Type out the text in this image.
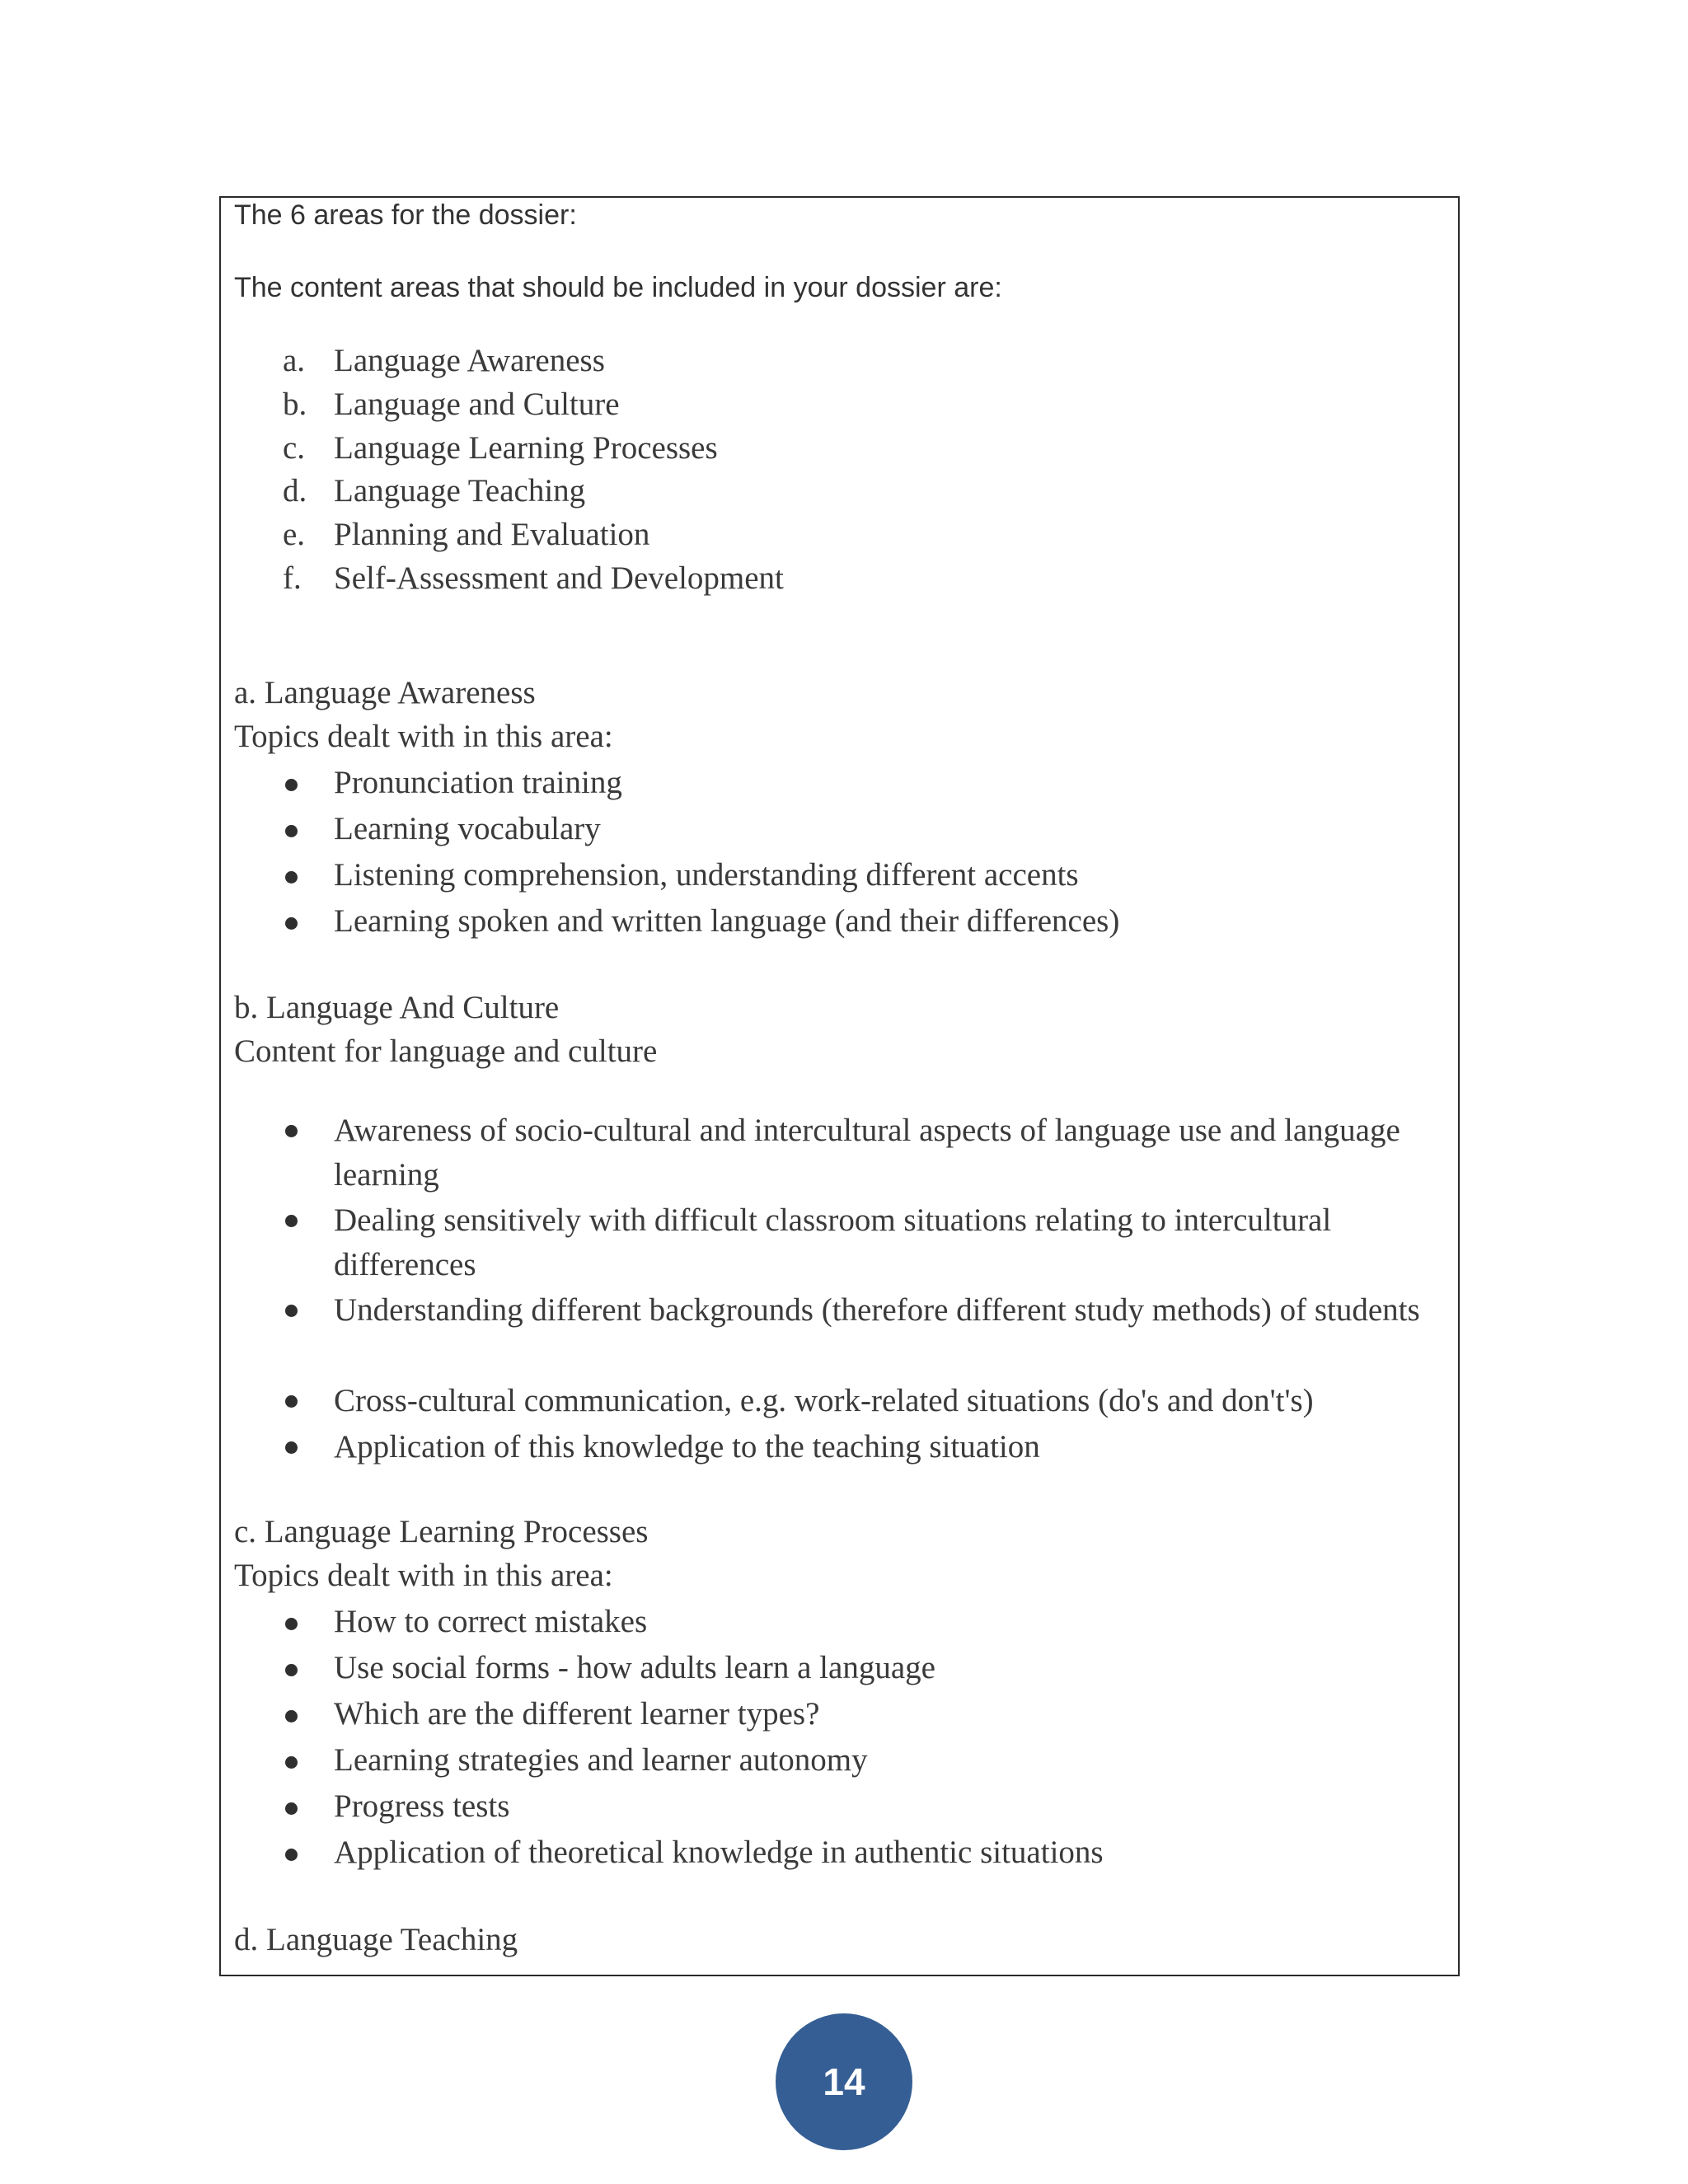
The 6 areas for the dossier:
The content areas that should be included in your dossier are:
a. Language Awareness
b. Language and Culture
c. Language Learning Processes
d. Language Teaching
e. Planning and Evaluation
f. Self-Assessment and Development
a. Language Awareness
Topics dealt with in this area:
Pronunciation training
Learning vocabulary
Listening comprehension, understanding different accents
Learning spoken and written language (and their differences)
b. Language And Culture
Content for language and culture
Awareness of socio-cultural and intercultural aspects of language use and language learning
Dealing sensitively with difficult classroom situations relating to intercultural differences
Understanding different backgrounds (therefore different study methods) of students
Cross-cultural communication, e.g. work-related situations (do's and don't's)
Application of this knowledge to the teaching situation
c. Language Learning Processes
Topics dealt with in this area:
How to correct mistakes
Use social forms - how adults learn a language
Which are the different learner types?
Learning strategies and learner autonomy
Progress tests
Application of theoretical knowledge in authentic situations
d. Language Teaching
14
